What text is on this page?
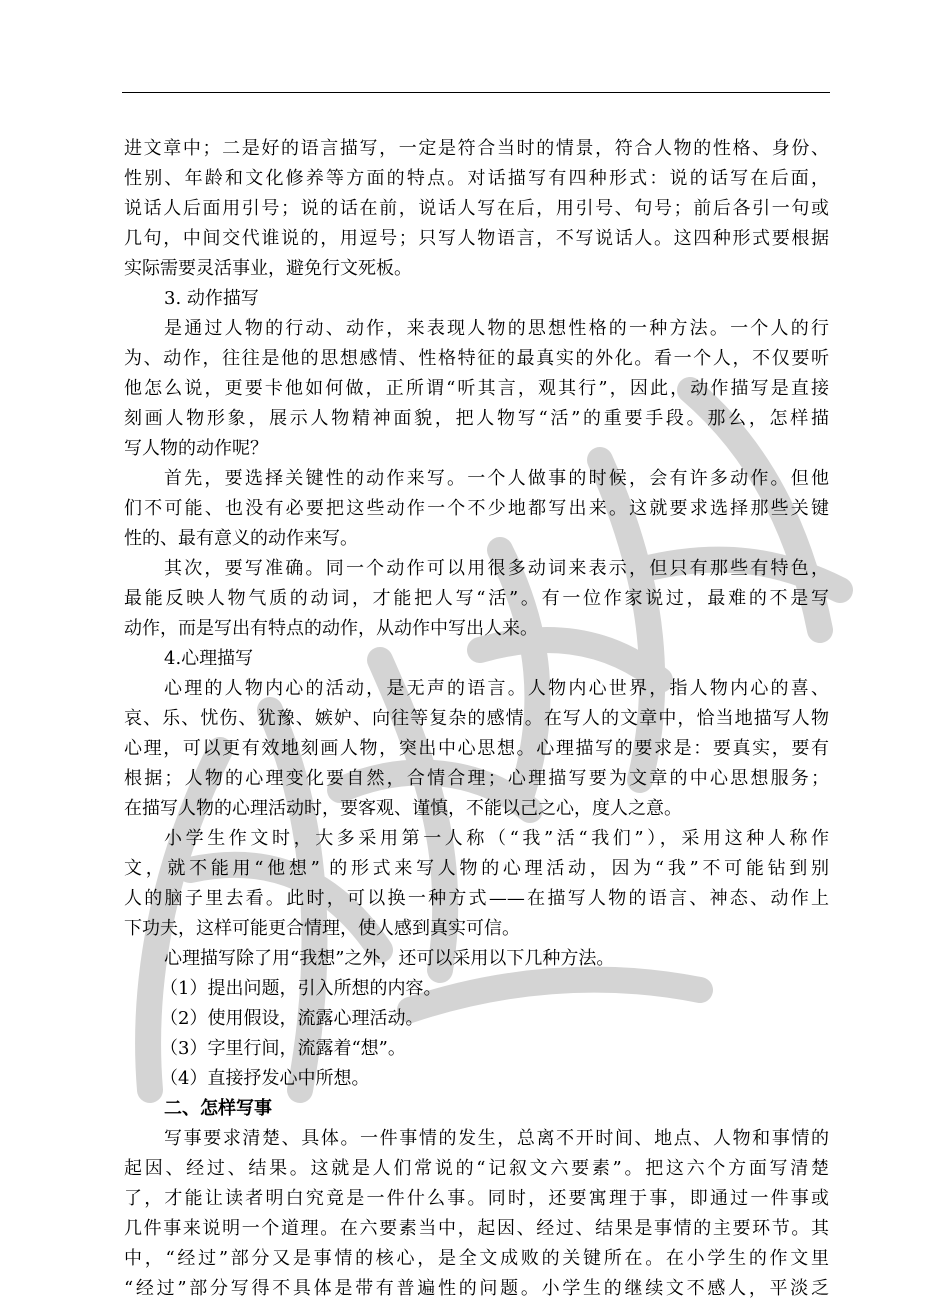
进文章中；二是好的语言描写，一定是符合当时的情景，符合人物的性格、身份、
性别、年龄和文化修养等方面的特点。对话描写有四种形式：说的话写在后面，
说话人后面用引号；说的话在前，说话人写在后，用引号、句号；前后各引一句或
几句，中间交代谁说的，用逗号；只写人物语言，不写说话人。这四种形式要根据
实际需要灵活事业，避免行文死板。
3. 动作描写
是通过人物的行动、动作，来表现人物的思想性格的一种方法。一个人的行
为、动作，往往是他的思想感情、性格特征的最真实的外化。看一个人，不仅要听
他怎么说，更要卡他如何做，正所谓“听其言，观其行”，因此，动作描写是直接
刻画人物形象，展示人物精神面貌，把人物写“活”的重要手段。那么，怎样描
写人物的动作呢？
首先，要选择关键性的动作来写。一个人做事的时候，会有许多动作。但他
们不可能、也没有必要把这些动作一个不少地都写出来。这就要求选择那些关键
性的、最有意义的动作来写。
其次，要写准确。同一个动作可以用很多动词来表示，但只有那些有特色，
最能反映人物气质的动词，才能把人写“活”。有一位作家说过，最难的不是写
动作，而是写出有特点的动作，从动作中写出人来。
4.心理描写
心理的人物内心的活动，是无声的语言。人物内心世界，指人物内心的喜、
哀、乐、忧伤、犹豫、嫉妒、向往等复杂的感情。在写人的文章中，恰当地描写人物
心理，可以更有效地刻画人物，突出中心思想。心理描写的要求是：要真实，要有
根据；人物的心理变化要自然，合情合理；心理描写要为文章的中心思想服务；
在描写人物的心理活动时，要客观、谨慎，不能以己之心，度人之意。
小学生作文时，大多采用第一人称（“我”活“我们”），采用这种人称作
文，就不能用“他想” 的形式来写人物的心理活动，因为“我”不可能钻到别
人的脑子里去看。此时，可以换一种方式——在描写人物的语言、神态、动作上
下功夫，这样可能更合情理，使人感到真实可信。
心理描写除了用“我想”之外，还可以采用以下几种方法。
（1）提出问题，引入所想的内容。
（2）使用假设，流露心理活动。
（3）字里行间，流露着“想”。
（4）直接抒发心中所想。
二、怎样写事
写事要求清楚、具体。一件事情的发生，总离不开时间、地点、人物和事情的
起因、经过、结果。这就是人们常说的“记叙文六要素”。把这六个方面写清楚
了，才能让读者明白究竟是一件什么事。同时，还要寓理于事，即通过一件事或
几件事来说明一个道理。在六要素当中，起因、经过、结果是事情的主要环节。其
中，“经过”部分又是事情的核心，是全文成败的关键所在。在小学生的作文里
“经过”部分写得不具体是带有普遍性的问题。小学生的继续文不感人，平淡乏
